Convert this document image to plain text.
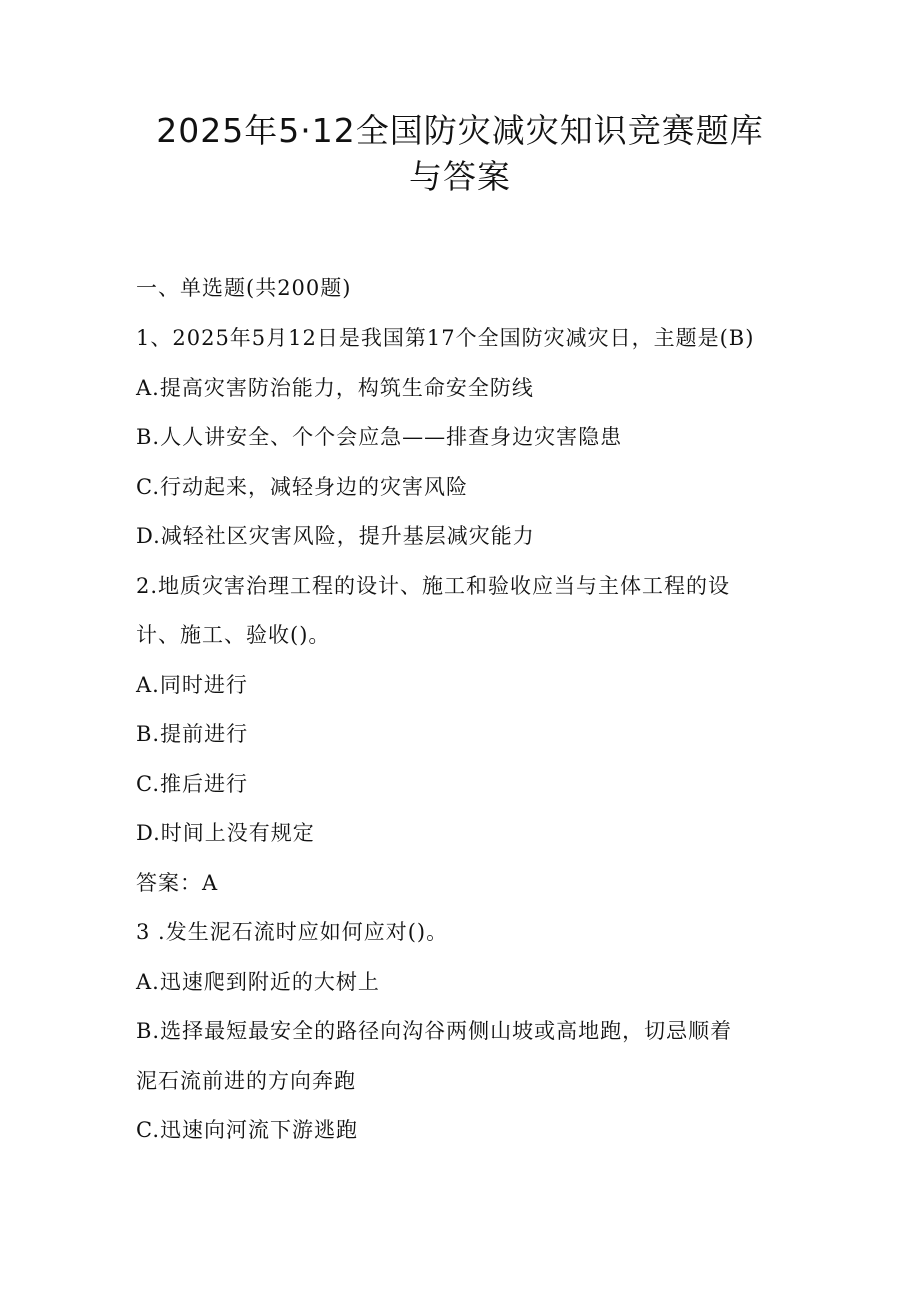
2025年5·12全国防灾减灾知识竞赛题库
与答案
一、单选题(共200题)
1、2025年5月12日是我国第17个全国防灾减灾日，主题是(B)
A.提高灾害防治能力，构筑生命安全防线
B.人人讲安全、个个会应急——排查身边灾害隐患
C.行动起来，减轻身边的灾害风险
D.减轻社区灾害风险，提升基层减灾能力
2.地质灾害治理工程的设计、施工和验收应当与主体工程的设
计、施工、验收()。
A.同时进行
B.提前进行
C.推后进行
D.时间上没有规定
答案：A
3 .发生泥石流时应如何应对()。
A.迅速爬到附近的大树上
B.选择最短最安全的路径向沟谷两侧山坡或高地跑，切忌顺着
泥石流前进的方向奔跑
C.迅速向河流下游逃跑
